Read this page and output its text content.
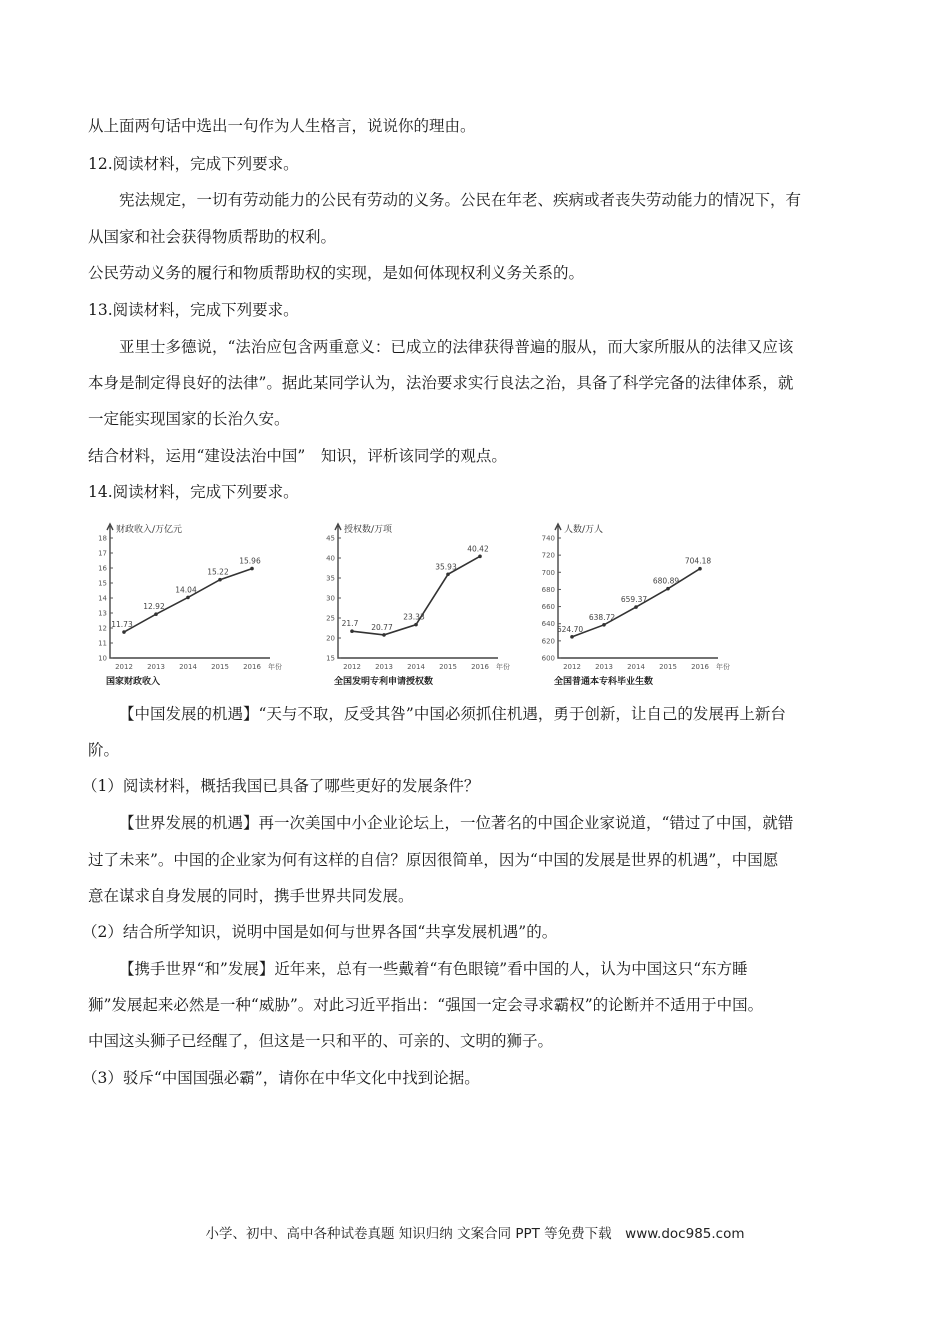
从上面两句话中选出一句作为人生格言，说说你的理由。
12.阅读材料，完成下列要求。
宪法规定，一切有劳动能力的公民有劳动的义务。公民在年老、疾病或者丧失劳动能力的情况下，有
从国家和社会获得物质帮助的权利。
公民劳动义务的履行和物质帮助权的实现，是如何体现权利义务关系的。
13.阅读材料，完成下列要求。
亚里士多德说，“法治应包含两重意义：已成立的法律获得普遍的服从，而大家所服从的法律又应该
本身是制定得良好的法律”。据此某同学认为，法治要求实行良法之治，具备了科学完备的法律体系，就
一定能实现国家的长治久安。
结合材料，运用“建设法治中国”　知识，评析该同学的观点。
14.阅读材料，完成下列要求。
10
11
12
13
14
15
16
17
18
2012 2013 2014 2015 2016 年份
财政收入/万亿元
11.73
12.92
14.04
15.22
15.96
国家财政收入
15
20
25
30
35
40
45
2012 2013 2014 2015 2016 年份
授权数/万项
21.7 20.77
23.33
35.93
40.42
全国发明专利申请授权数
600
620
640
660
680
700
720
740
2012 2013 2014 2015 2016 年份
人数/万人
624.70
638.72
659.37
680.89
704.18
全国普通本专科毕业生数
【中国发展的机遇】“天与不取，反受其咎”中国必须抓住机遇，勇于创新，让自己的发展再上新台
阶。
（1）阅读材料，概括我国已具备了哪些更好的发展条件？
【世界发展的机遇】再一次美国中小企业论坛上，一位著名的中国企业家说道，“错过了中国，就错
过了未来”。中国的企业家为何有这样的自信？原因很简单，因为“中国的发展是世界的机遇”，中国愿
意在谋求自身发展的同时，携手世界共同发展。
（2）结合所学知识，说明中国是如何与世界各国“共享发展机遇”的。
【携手世界“和”发展】近年来，总有一些戴着“有色眼镜”看中国的人，认为中国这只“东方睡
狮”发展起来必然是一种“威胁”。对此习近平指出：“强国一定会寻求霸权”的论断并不适用于中国。
中国这头狮子已经醒了，但这是一只和平的、可亲的、文明的狮子。
（3）驳斥“中国国强必霸”，请你在中华文化中找到论据。
小学、初中、高中各种试卷真题 知识归纳 文案合同 PPT 等免费下载　www.doc985.com
